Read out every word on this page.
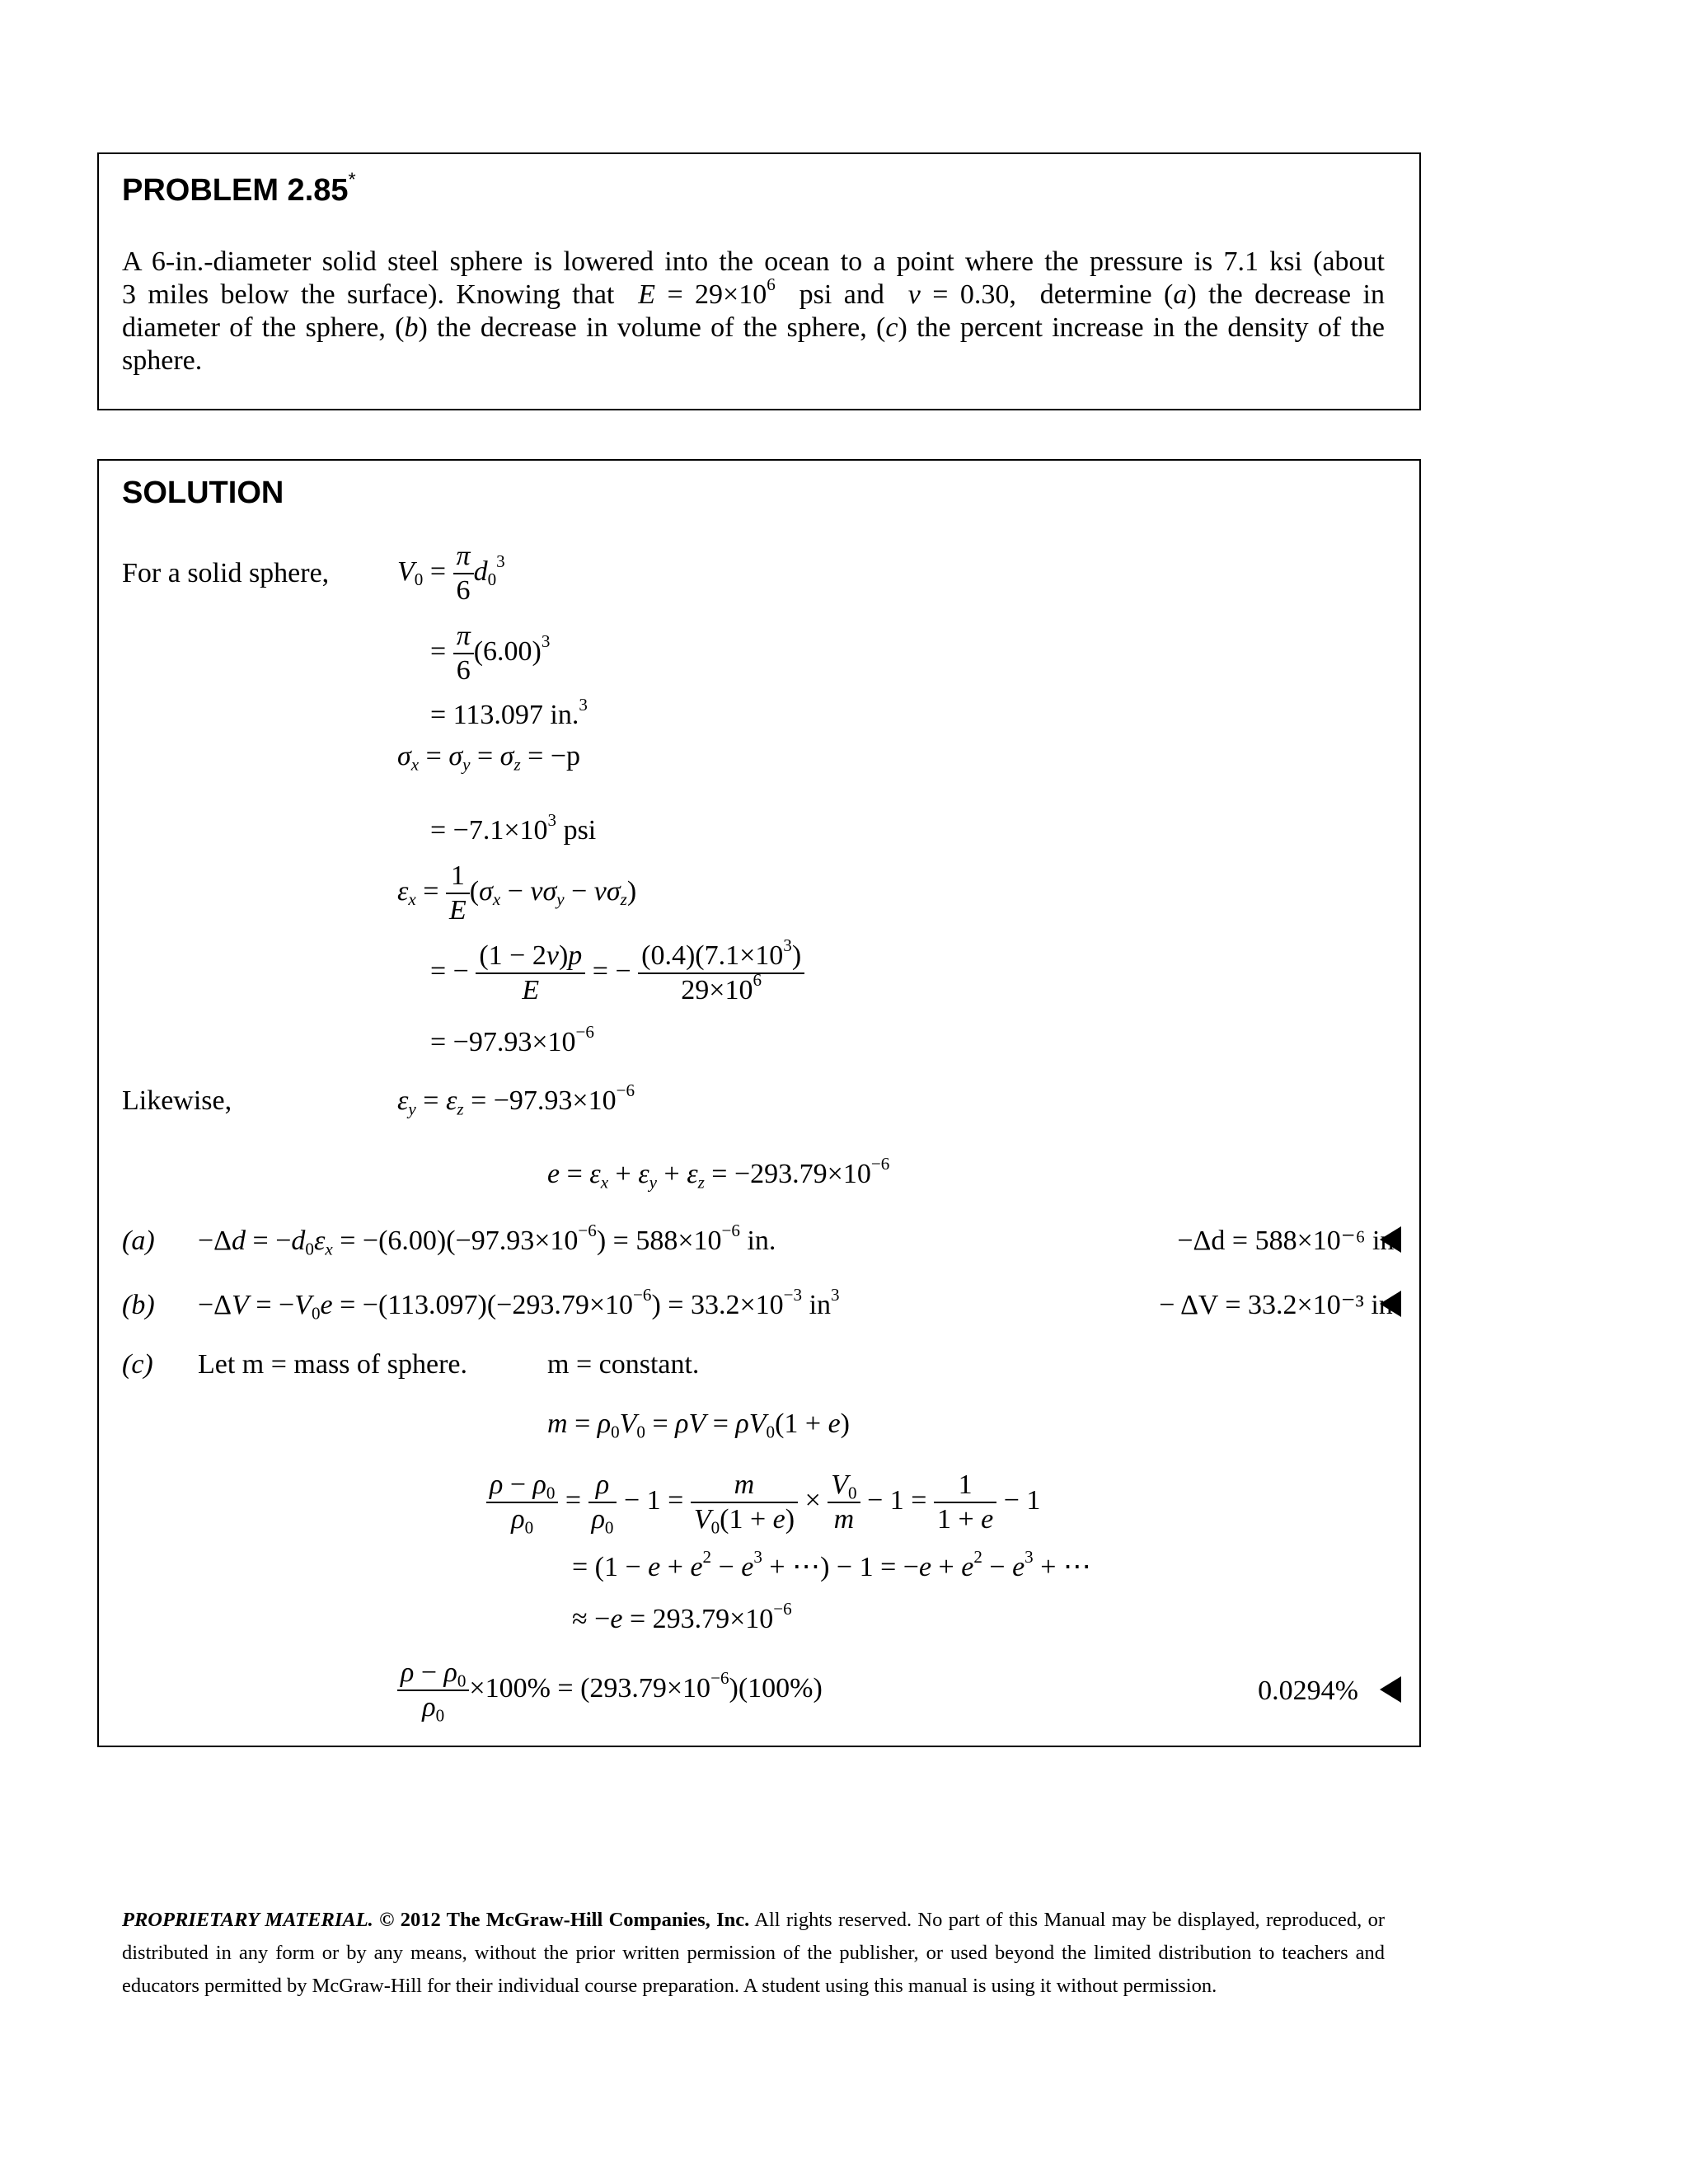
PROBLEM 2.85*
A 6-in.-diameter solid steel sphere is lowered into the ocean to a point where the pressure is 7.1 ksi (about
3 miles below the surface). Knowing that  $E = 29\times 10^6$  psi and  v = 0.30,  determine (a) the decrease in
diameter of the sphere, (b) the decrease in volume of the sphere, (c) the percent increase in the density of the
sphere.
SOLUTION
For a solid sphere, $V_0 = \frac{\pi}{6} d_0^3$
= $\frac{\pi}{6} (6.00)^3$
= 113.097 in.$^3$
$\sigma_x = \sigma_y = \sigma_z = -p$
= $-7.1\times 10^3$ psi
$\varepsilon_x = \frac{1}{E} (\sigma_x - v\sigma_y - v\sigma_z)$
= − $\frac{(1 - 2v)p}{E}$ = − $\frac{(0.4)(7.1\times 10^3)}{29\times 10^6}$
= $-97.93\times 10^{-6}$
Likewise,	$\varepsilon_y = \varepsilon_z = -97.93\times 10^{-6}$
$e = \varepsilon_x + \varepsilon_y + \varepsilon_z = -293.79\times 10^{-6}$
$(a) -\Delta d = -d_0\varepsilon_x = -(6.00)(-97.93\times 10^{-6}) = 588\times 10^{-6}$ in.	−Δd = 588×10⁻⁶ in.
$(b) -\Delta V = -V_0e = -(113.097)(-293.79\times 10^{-6}) = 33.2\times 10^{-3}$ $in^3$	− ΔV = 33.2×10⁻³ in³
(c) Let m = mass of sphere.	m = constant.
$m = \rho_0V_0 = \rho V = \rho V_0(1 + e)$
$\frac{\rho - \rho_0}{\rho_0} = \frac{\rho}{\rho_0} - 1 = \frac{m}{V_0(1 + e)} \times \frac{V_0}{m} - 1 = \frac{1}{1 + e} - 1$
= ($1 - e + e^2 - e^3$ + ⋯) − $1 = -e + e^2 - e^3$ + ⋯
≈ $-e = 293.79\times 10^{-6}$
$\frac{\rho - \rho_0}{\rho_0} \times 100\% = (293.79\times 10^{-6})(100\%)$	0.0294%
PROPRIETARY MATERIAL. © 2012 The McGraw-Hill Companies, Inc. All rights reserved. No part of this Manual may be displayed, reproduced, or distributed in any form or by any means, without the prior written permission of the publisher, or used beyond the limited distribution to teachers and educators permitted by McGraw-Hill for their individual course preparation. A student using this manual is using it without permission.
